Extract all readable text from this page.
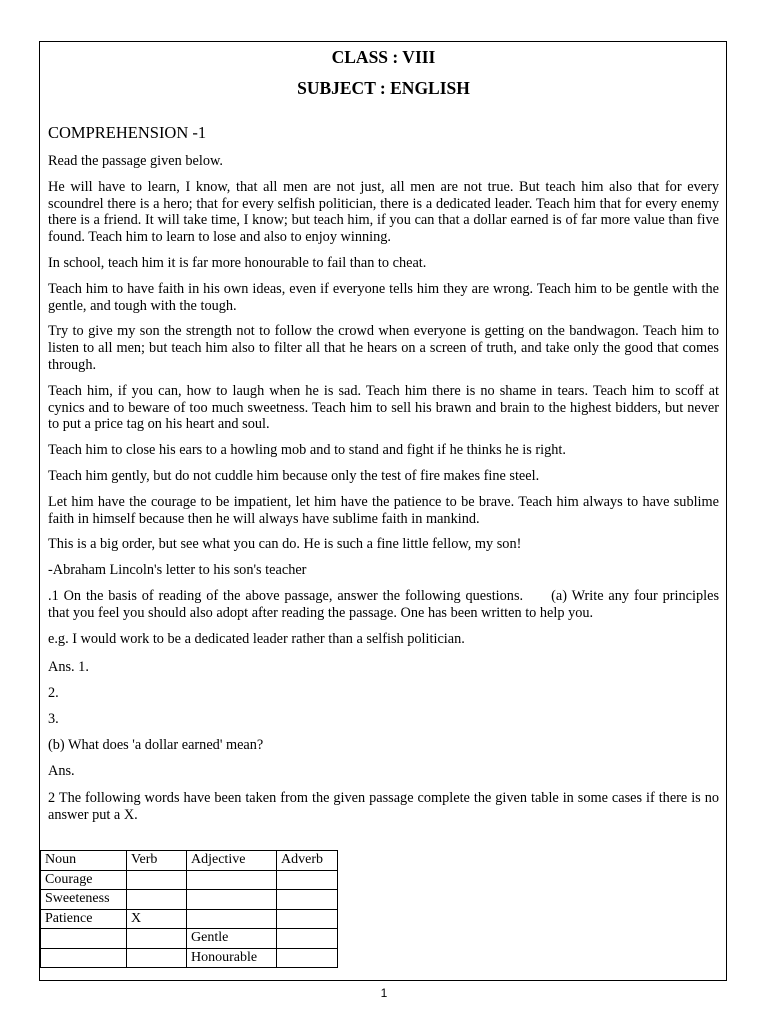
CLASS : VIII
SUBJECT : ENGLISH
COMPREHENSION -1

Read the passage given below.

He will have to learn, I know, that all men are not just, all men are not true. But teach him also that for every scoundrel there is a hero; that for every selfish politician, there is a dedicated leader. Teach him that for every enemy there is a friend. It will take time, I know; but teach him, if you can that a dollar earned is of far more value than five found. Teach him to learn to lose and also to enjoy winning.

In school, teach him it is far more honourable to fail than to cheat.

Teach him to have faith in his own ideas, even if everyone tells him they are wrong. Teach him to be gentle with the gentle, and tough with the tough.

Try to give my son the strength not to follow the crowd when everyone is getting on the bandwagon. Teach him to listen to all men; but teach him also to filter all that he hears on a screen of truth, and take only the good that comes through.

Teach him, if you can, how to laugh when he is sad. Teach him there is no shame in tears. Teach him to scoff at cynics and to beware of too much sweetness. Teach him to sell his brawn and brain to the highest bidders, but never to put a price tag on his heart and soul.

Teach him to close his ears to a howling mob and to stand and fight if he thinks he is right.

Teach him gently, but do not cuddle him because only the test of fire makes fine steel.

Let him have the courage to be impatient, let him have the patience to be brave. Teach him always to have sublime faith in himself because then he will always have sublime faith in mankind.

This is a big order, but see what you can do. He is such a fine little fellow, my son!

-Abraham Lincoln's letter to his son's teacher

.1 On the basis of reading of the above passage, answer the following questions. (a) Write any four principles that you feel you should also adopt after reading the passage. One has been written to help you.

e.g. I would work to be a dedicated leader rather than a selfish politician.

Ans. 1.

2.

3.

(b) What does 'a dollar earned' mean?

Ans.

2 The following words have been taken from the given passage complete the given table in some cases if there is no answer put a X.

Noun	Verb	Adjective	Adverb
Courage			
Sweeteness			
Patience	X		
		Gentle	
		Honourable	
1
